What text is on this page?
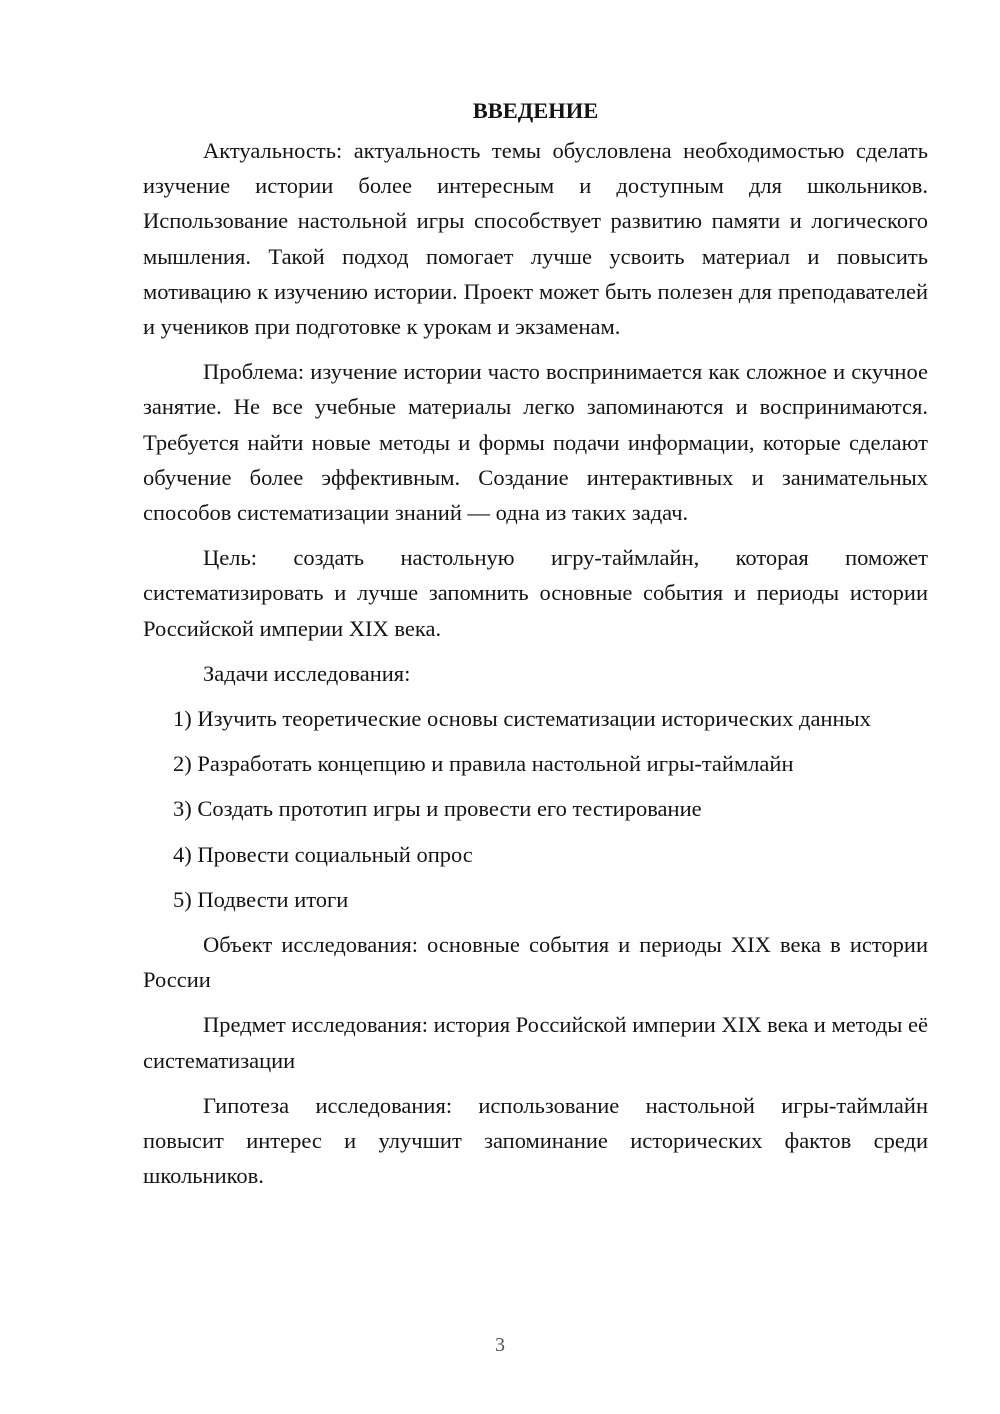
ВВЕДЕНИЕ

Актуальность: актуальность темы обусловлена необходимостью сделать изучение истории более интересным и доступным для школьников. Использование настольной игры способствует развитию памяти и логического мышления. Такой подход помогает лучше усвоить материал и повысить мотивацию к изучению истории. Проект может быть полезен для преподавателей и учеников при подготовке к урокам и экзаменам.

Проблема: изучение истории часто воспринимается как сложное и скучное занятие. Не все учебные материалы легко запоминаются и воспринимаются. Требуется найти новые методы и формы подачи информации, которые сделают обучение более эффективным. Создание интерактивных и занимательных способов систематизации знаний — одна из таких задач.

Цель: создать настольную игру-таймлайн, которая поможет систематизировать и лучше запомнить основные события и периоды истории Российской империи XIX века.

Задачи исследования:

1) Изучить теоретические основы систематизации исторических данных

2) Разработать концепцию и правила настольной игры-таймлайн

3) Создать прототип игры и провести его тестирование

4) Провести социальный опрос

5) Подвести итоги

Объект исследования: основные события и периоды XIX века в истории России

Предмет исследования: история Российской империи XIX века и методы её систематизации

Гипотеза исследования: использование настольной игры-таймлайн повысит интерес и улучшит запоминание исторических фактов среди школьников.

3
